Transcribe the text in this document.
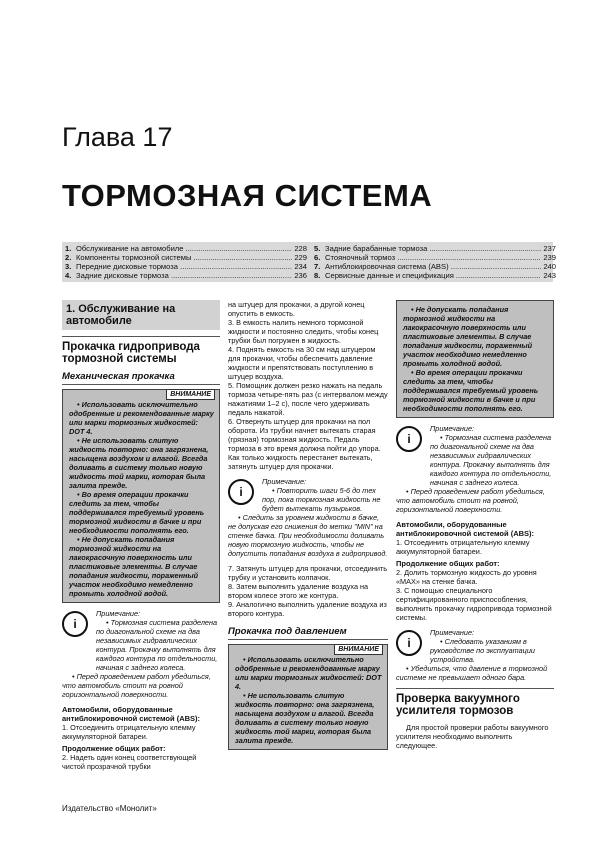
Глава 17
ТОРМОЗНАЯ СИСТЕМА
1. Обслуживание на автомобиле .....	228
2. Компоненты тормозной системы .....	229
3. Передние дисковые тормоза .....	234
4. Задние дисковые тормоза .....	236
5. Задние барабанные тормоза .....	237
6. Стояночный тормоз .....	239
7. Антиблокировочная система (ABS) .....	240
8. Сервисные данные и спецификация .....	243
1. Обслуживание на автомобиле
Прокачка гидропривода тормозной системы
Механическая прокачка
ВНИМАНИЕ

• Использовать исключительно одобренные и рекомендованные марку или марки тормозных жидкостей: DOT 4.

• Не использовать слитую жидкость повторно: она загрязнена, насыщена воздухом и влагой. Всегда доливать в систему только новую жидкость той марки, которая была залита прежде.

• Во время операции прокачки следить за тем, чтобы поддерживался требуемый уровень тормозной жидкости в бачке и при необходимости пополнять его.

• Не допускать попадания тормозной жидкости на лакокрасочную поверхность или пластиковые элементы. В случае попадания жидкости, пораженный участок необходимо немедленно промыть холодной водой.

i
Примечание:

• Тормозная система разделена по диагональной схеме на два независимых гидравлических контура. Прокачку выполнять для каждого контура по отдельности, начиная с заднего колеса.

• Перед проведением работ убедиться, что автомобиль стоит на ровной горизонтальной поверхности.

Автомобили, оборудованные антиблокировочной системой (ABS):

1. Отсоединить отрицательную клемму аккумуляторной батареи.

Продолжение общих работ:

2. Надеть один конец соответствующей чистой прозрачной трубки

на штуцер для прокачки, а другой конец опустить в емкость.

3. В емкость налить немного тормозной жидкости и постоянно следить, чтобы конец трубки был погружен в жидкость.

4. Поднять емкость на 30 см над штуцером для прокачки, чтобы обеспечить давление жидкости и препятствовать поступлению в штуцер воздуха.

5. Помощник должен резко нажать на педаль тормоза четыре-пять раз (с интервалом между нажатиями 1–2 с), после чего удерживать педаль нажатой.

6. Отвернуть штуцер для прокачки на пол оборота. Из трубки начнет вытекать старая (грязная) тормозная жидкость. Педаль тормоза в это время должна пойти до упора. Как только жидкость перестанет вытекать, затянуть штуцер для прокачки.

i
Примечание:

• Повторить шаги 5-6 до тех пор, пока тормозная жидкость не будет вытекать пузырьков.

• Следить за уровнем жидкости в бачке, не допуская его снижения до метки "MIN" на стенке бачка. При необходимости доливать новую тормозную жидкость, чтобы не допустить попадания воздуха в гидропривод.

7. Затянуть штуцер для прокачки, отсоединить трубку и установить колпачок.

8. Затем выполнить удаление воздуха на втором колесе этого же контура.

9. Аналогично выполнить удаление воздуха из второго контура.

Прокачка под давлением
ВНИМАНИЕ

• Использовать исключительно одобренные и рекомендованные марку или марки тормозных жидкостей: DOT 4.

• Не использовать слитую жидкость повторно: она загрязнена, насыщена воздухом и влагой. Всегда доливать в систему только новую жидкость той марки, которая была залита прежде.

• Не допускать попадания тормозной жидкости на лакокрасочную поверхность или пластиковые элементы. В случае попадания жидкости, пораженный участок необходимо немедленно промыть холодной водой.

• Во время операции прокачки следить за тем, чтобы поддерживался требуемый уровень тормозной жидкости в бачке и при необходимости пополнять его.

i
Примечание:

• Тормозная система разделена по диагональной схеме на два независимых гидравлических контура. Прокачку выполнять для каждого контура по отдельности, начиная с заднего колеса.

• Перед проведением работ убедиться, что автомобиль стоит на ровной, горизонтальной поверхности.

Автомобили, оборудованные антиблокировочной системой (ABS):

1. Отсоединить отрицательную клемму аккумуляторной батареи.

Продолжение общих работ:

2. Долить тормозную жидкость до уровня «MAX» на стенке бачка.

3. С помощью специального сертифицированного приспособления, выполнить прокачку гидропривода тормозной системы.

i
Примечание:

• Следовать указаниям в руководстве по эксплуатации устройства.

• Убедиться, что давление в тормозной системе не превышает одного бара.

Проверка вакуумного усилителя тормозов

Для простой проверки работы вакуумного усилителя необходимо выполнить следующее.

Издательство «Монолит»
